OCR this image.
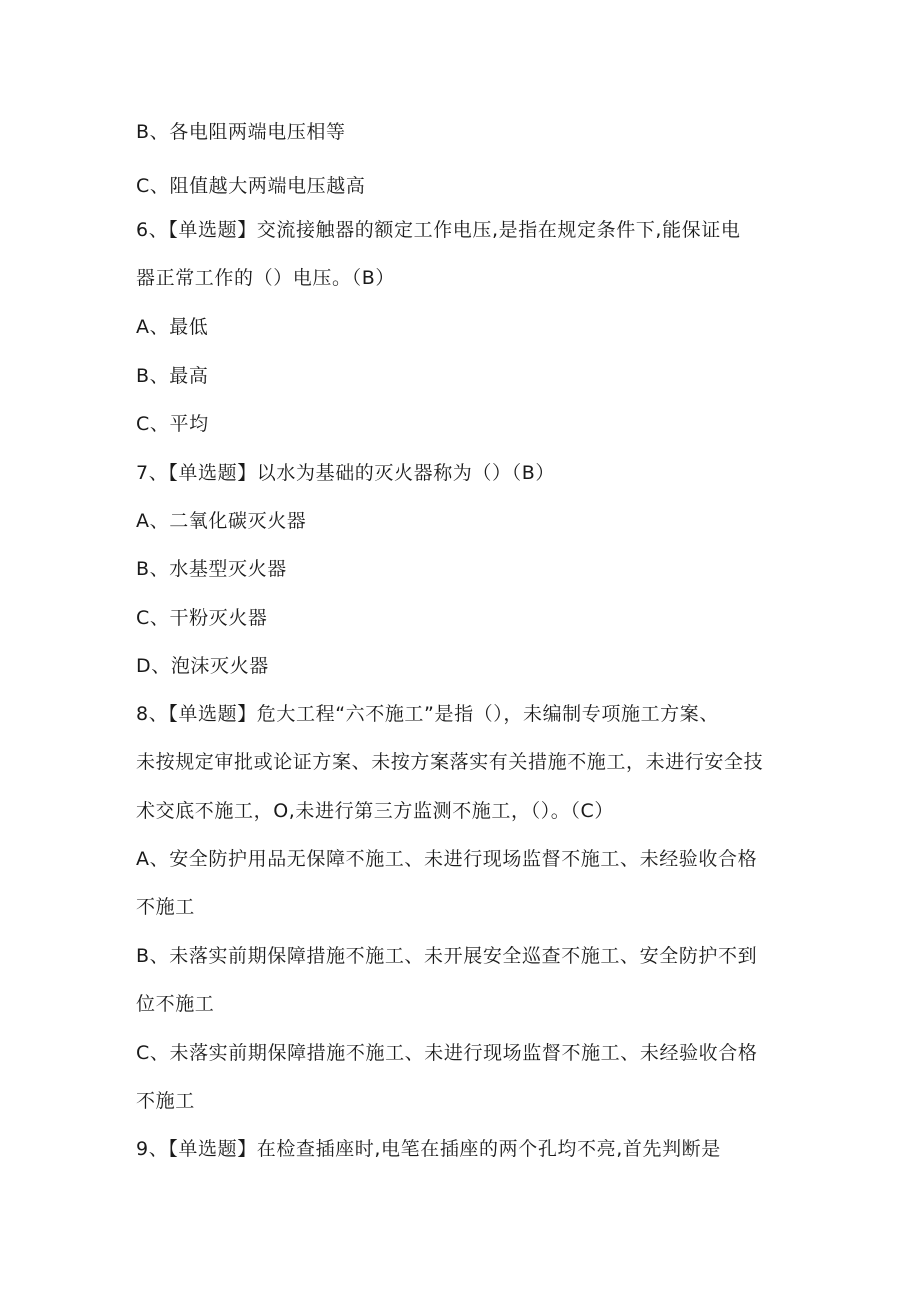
B、各电阻两端电压相等
C、阻值越大两端电压越高
6、【单选题】交流接触器的额定工作电压,是指在规定条件下,能保证电
器正常工作的（）电压。（B）
A、最低
B、最高
C、平均
7、【单选题】以水为基础的灭火器称为（）（B）
A、二氧化碳灭火器
B、水基型灭火器
C、干粉灭火器
D、泡沫灭火器
8、【单选题】危大工程“六不施工”是指（），未编制专项施工方案、
未按规定审批或论证方案、未按方案落实有关措施不施工，未进行安全技
术交底不施工，O,未进行第三方监测不施工，（）。（C）
A、安全防护用品无保障不施工、未进行现场监督不施工、未经验收合格
不施工
B、未落实前期保障措施不施工、未开展安全巡查不施工、安全防护不到
位不施工
C、未落实前期保障措施不施工、未进行现场监督不施工、未经验收合格
不施工
9、【单选题】在检查插座时,电笔在插座的两个孔均不亮,首先判断是
